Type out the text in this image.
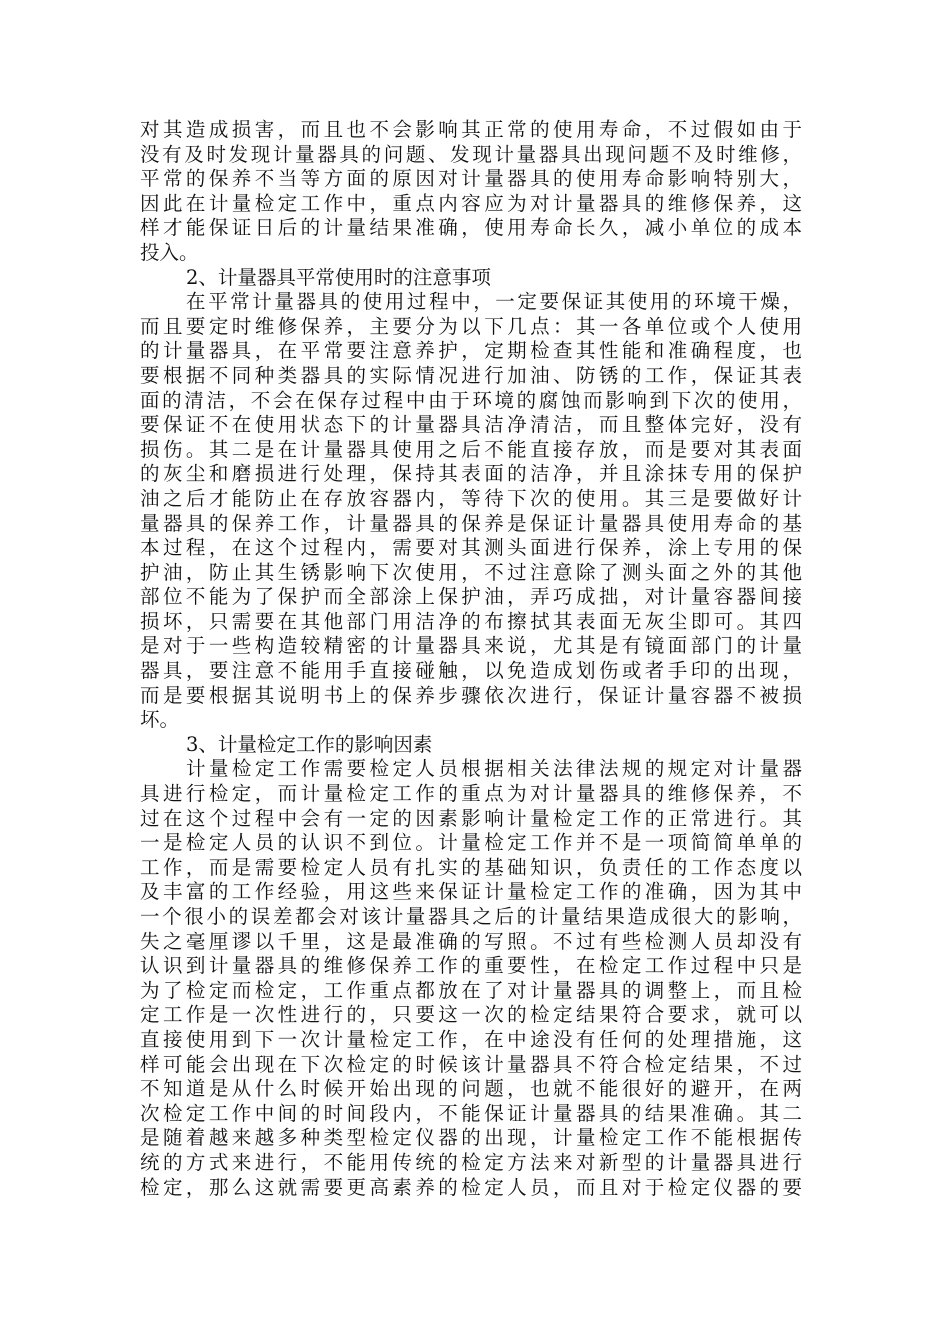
对其造成损害，而且也不会影响其正常的使用寿命，不过假如由于
没有及时发现计量器具的问题、发现计量器具出现问题不及时维修，
平常的保养不当等方面的原因对计量器具的使用寿命影响特别大，
因此在计量检定工作中，重点内容应为对计量器具的维修保养，这
样才能保证日后的计量结果准确，使用寿命长久，减小单位的成本
投入。
2、计量器具平常使用时的注意事项
在平常计量器具的使用过程中，一定要保证其使用的环境干燥，
而且要定时维修保养，主要分为以下几点：其一各单位或个人使用
的计量器具，在平常要注意养护，定期检查其性能和准确程度，也
要根据不同种类器具的实际情况进行加油、防锈的工作，保证其表
面的清洁，不会在保存过程中由于环境的腐蚀而影响到下次的使用，
要保证不在使用状态下的计量器具洁净清洁，而且整体完好，没有
损伤。其二是在计量器具使用之后不能直接存放，而是要对其表面
的灰尘和磨损进行处理，保持其表面的洁净，并且涂抹专用的保护
油之后才能防止在存放容器内，等待下次的使用。其三是要做好计
量器具的保养工作，计量器具的保养是保证计量器具使用寿命的基
本过程，在这个过程内，需要对其测头面进行保养，涂上专用的保
护油，防止其生锈影响下次使用，不过注意除了测头面之外的其他
部位不能为了保护而全部涂上保护油，弄巧成拙，对计量容器间接
损坏，只需要在其他部门用洁净的布擦拭其表面无灰尘即可。其四
是对于一些构造较精密的计量器具来说，尤其是有镜面部门的计量
器具，要注意不能用手直接碰触，以免造成划伤或者手印的出现，
而是要根据其说明书上的保养步骤依次进行，保证计量容器不被损
坏。
3、计量检定工作的影响因素
计量检定工作需要检定人员根据相关法律法规的规定对计量器
具进行检定，而计量检定工作的重点为对计量器具的维修保养，不
过在这个过程中会有一定的因素影响计量检定工作的正常进行。其
一是检定人员的认识不到位。计量检定工作并不是一项简简单单的
工作，而是需要检定人员有扎实的基础知识，负责任的工作态度以
及丰富的工作经验，用这些来保证计量检定工作的准确，因为其中
一个很小的误差都会对该计量器具之后的计量结果造成很大的影响，
失之毫厘谬以千里，这是最准确的写照。不过有些检测人员却没有
认识到计量器具的维修保养工作的重要性，在检定工作过程中只是
为了检定而检定，工作重点都放在了对计量器具的调整上，而且检
定工作是一次性进行的，只要这一次的检定结果符合要求，就可以
直接使用到下一次计量检定工作，在中途没有任何的处理措施，这
样可能会出现在下次检定的时候该计量器具不符合检定结果，不过
不知道是从什么时候开始出现的问题，也就不能很好的避开，在两
次检定工作中间的时间段内，不能保证计量器具的结果准确。其二
是随着越来越多种类型检定仪器的出现，计量检定工作不能根据传
统的方式来进行，不能用传统的检定方法来对新型的计量器具进行
检定，那么这就需要更高素养的检定人员，而且对于检定仪器的要
